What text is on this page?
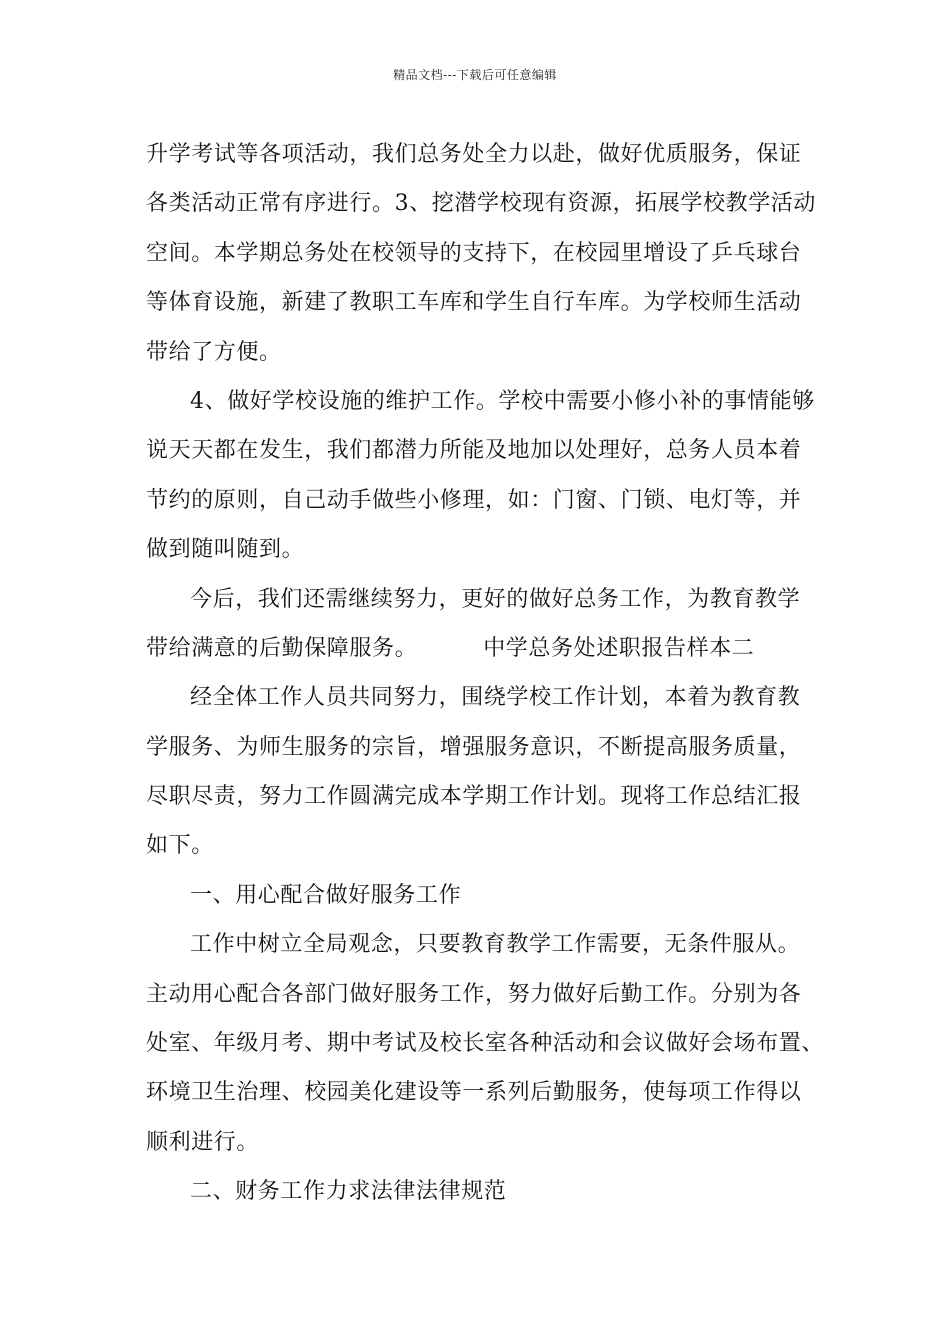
精品文档---下载后可任意编辑
升学考试等各项活动，我们总务处全力以赴，做好优质服务，保证
各类活动正常有序进行。3、挖潜学校现有资源，拓展学校教学活动
空间。本学期总务处在校领导的支持下，在校园里增设了乒乓球台
等体育设施，新建了教职工车库和学生自行车库。为学校师生活动
带给了方便。
4、做好学校设施的维护工作。学校中需要小修小补的事情能够
说天天都在发生，我们都潜力所能及地加以处理好，总务人员本着
节约的原则，自己动手做些小修理，如：门窗、门锁、电灯等，并
做到随叫随到。
今后，我们还需继续努力，更好的做好总务工作，为教育教学
带给满意的后勤保障服务。	中学总务处述职报告样本二
经全体工作人员共同努力，围绕学校工作计划，本着为教育教
学服务、为师生服务的宗旨，增强服务意识，不断提高服务质量，
尽职尽责，努力工作圆满完成本学期工作计划。现将工作总结汇报
如下。
一、用心配合做好服务工作
工作中树立全局观念，只要教育教学工作需要，无条件服从。
主动用心配合各部门做好服务工作，努力做好后勤工作。分别为各
处室、年级月考、期中考试及校长室各种活动和会议做好会场布置、
环境卫生治理、校园美化建设等一系列后勤服务，使每项工作得以
顺利进行。
二、财务工作力求法律法律规范
